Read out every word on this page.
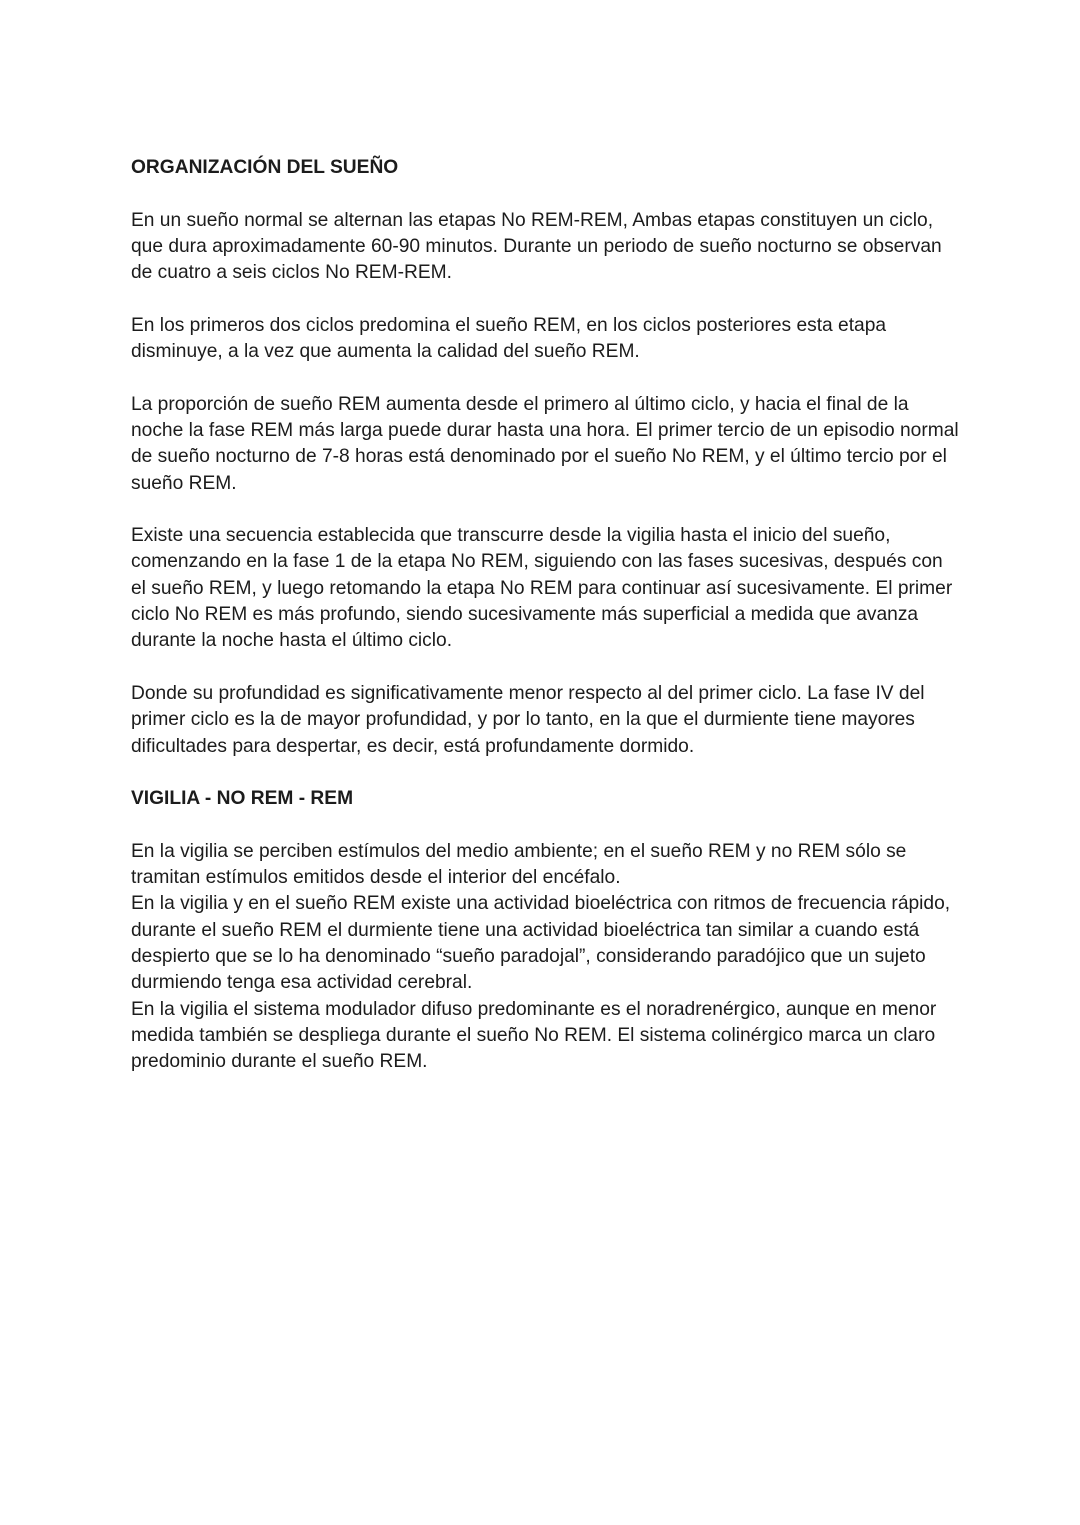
ORGANIZACIÓN DEL SUEÑO

En un sueño normal se alternan las etapas No REM-REM, Ambas etapas constituyen un ciclo, que dura aproximadamente 60-90 minutos. Durante un periodo de sueño nocturno se observan de cuatro a seis ciclos No REM-REM.

En los primeros dos ciclos predomina el sueño REM, en los ciclos posteriores esta etapa disminuye, a la vez que aumenta la calidad del sueño REM.

La proporción de sueño REM aumenta desde el primero al último ciclo, y hacia el final de la noche la fase REM más larga puede durar hasta una hora. El primer tercio de un episodio normal de sueño nocturno de 7-8 horas está denominado por el sueño No REM, y el último tercio por el sueño REM.

Existe una secuencia establecida que transcurre desde la vigilia hasta el inicio del sueño, comenzando en la fase 1 de la etapa No REM, siguiendo con las fases sucesivas, después con el sueño REM, y luego retomando la etapa No REM para continuar así sucesivamente. El primer ciclo No REM es más profundo, siendo sucesivamente más superficial a medida que avanza durante la noche hasta el último ciclo.

Donde su profundidad es significativamente menor respecto al del primer ciclo. La fase IV del primer ciclo es la de mayor profundidad, y por lo tanto, en la que el durmiente tiene mayores dificultades para despertar, es decir, está profundamente dormido.

VIGILIA - NO REM - REM

En la vigilia se perciben estímulos del medio ambiente; en el sueño REM y no REM sólo se tramitan estímulos emitidos desde el interior del encéfalo.

En la vigilia y en el sueño REM existe una actividad bioeléctrica con ritmos de frecuencia rápido, durante el sueño REM el durmiente tiene una actividad bioeléctrica tan similar a cuando está despierto que se lo ha denominado “sueño paradojal”, considerando paradójico que un sujeto durmiendo tenga esa actividad cerebral.

En la vigilia el sistema modulador difuso predominante es el noradrenérgico, aunque en menor medida también se despliega durante el sueño No REM. El sistema colinérgico marca un claro predominio durante el sueño REM.
